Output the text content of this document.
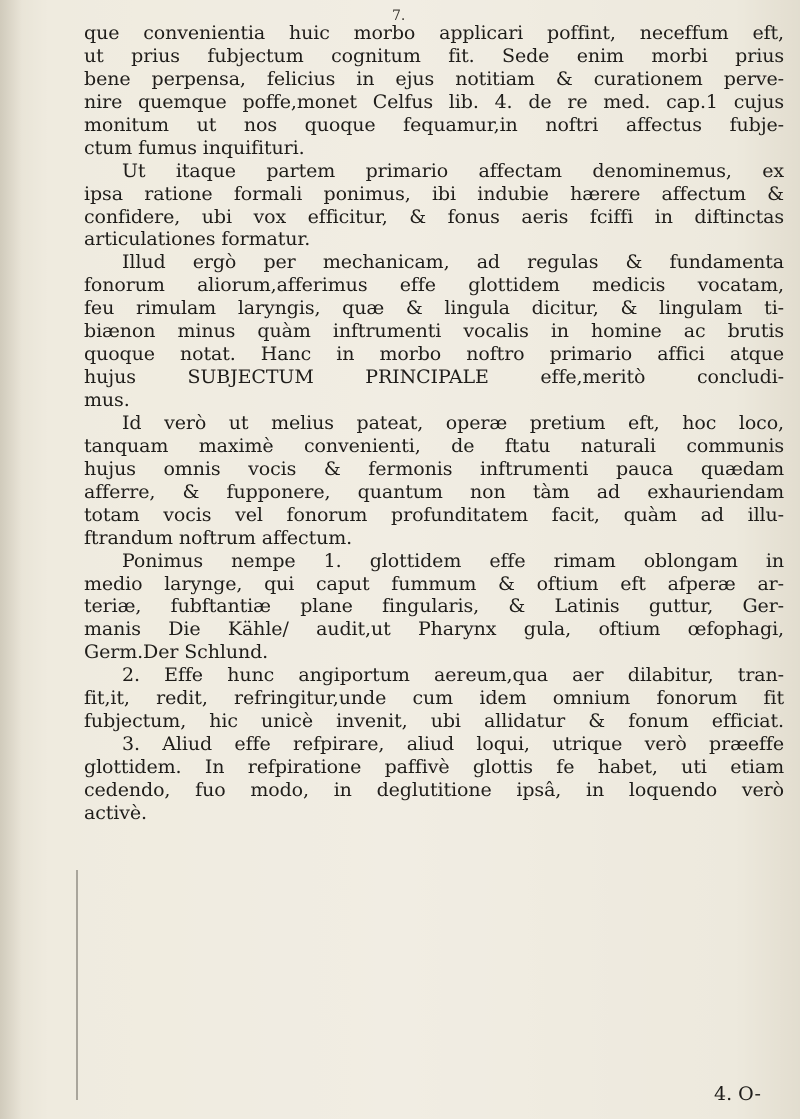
7.
que convenientia huic morbo applicari poffint, neceffum eft,
ut prius fubjectum cognitum fit. Sede enim morbi prius
bene perpensa, felicius in ejus notitiam & curationem perve-
nire quemque poffe,monet Celfus lib. 4. de re med. cap.1 cujus
monitum ut nos quoque fequamur,in noftri affectus fubje-
ctum fumus inquifituri.
Ut itaque partem primario affectam denominemus, ex
ipsa ratione formali ponimus, ibi indubie hærere affectum &
confidere, ubi vox efficitur, & fonus aeris fciffi in diftinctas
articulationes formatur.
Illud ergò per mechanicam, ad regulas & fundamenta
fonorum aliorum,afferimus effe glottidem medicis vocatam,
feu rimulam laryngis, quæ & lingula dicitur, & lingulam ti-
biænon minus quàm inftrumenti vocalis in homine ac brutis
quoque notat. Hanc in morbo noftro primario affici atque
hujus SUBJECTUM PRINCIPALE effe,meritò concludi-
mus.
Id verò ut melius pateat, operæ pretium eft, hoc loco,
tanquam maximè convenienti, de ftatu naturali communis
hujus omnis vocis & fermonis inftrumenti pauca quædam
afferre, & fupponere, quantum non tàm ad exhauriendam
totam vocis vel fonorum profunditatem facit, quàm ad illu-
ftrandum noftrum affectum.
Ponimus nempe 1. glottidem effe rimam oblongam in
medio larynge, qui caput fummum & oftium eft afperæ ar-
teriæ, fubftantiæ plane fingularis, & Latinis guttur, Ger-
manis Die Kähle/ audit,ut Pharynx gula, oftium œfophagi,
Germ.Der Schlund.
2. Effe hunc angiportum aereum,qua aer dilabitur, tran-
fit,it, redit, refringitur,unde cum idem omnium fonorum fit
fubjectum, hic unicè invenit, ubi allidatur & fonum efficiat.
3. Aliud effe refpirare, aliud loqui, utrique verò præeffe
glottidem. In refpiratione paffivè glottis fe habet, uti etiam
cedendo, fuo modo, in deglutitione ipsâ, in loquendo verò
activè.
4. O-
